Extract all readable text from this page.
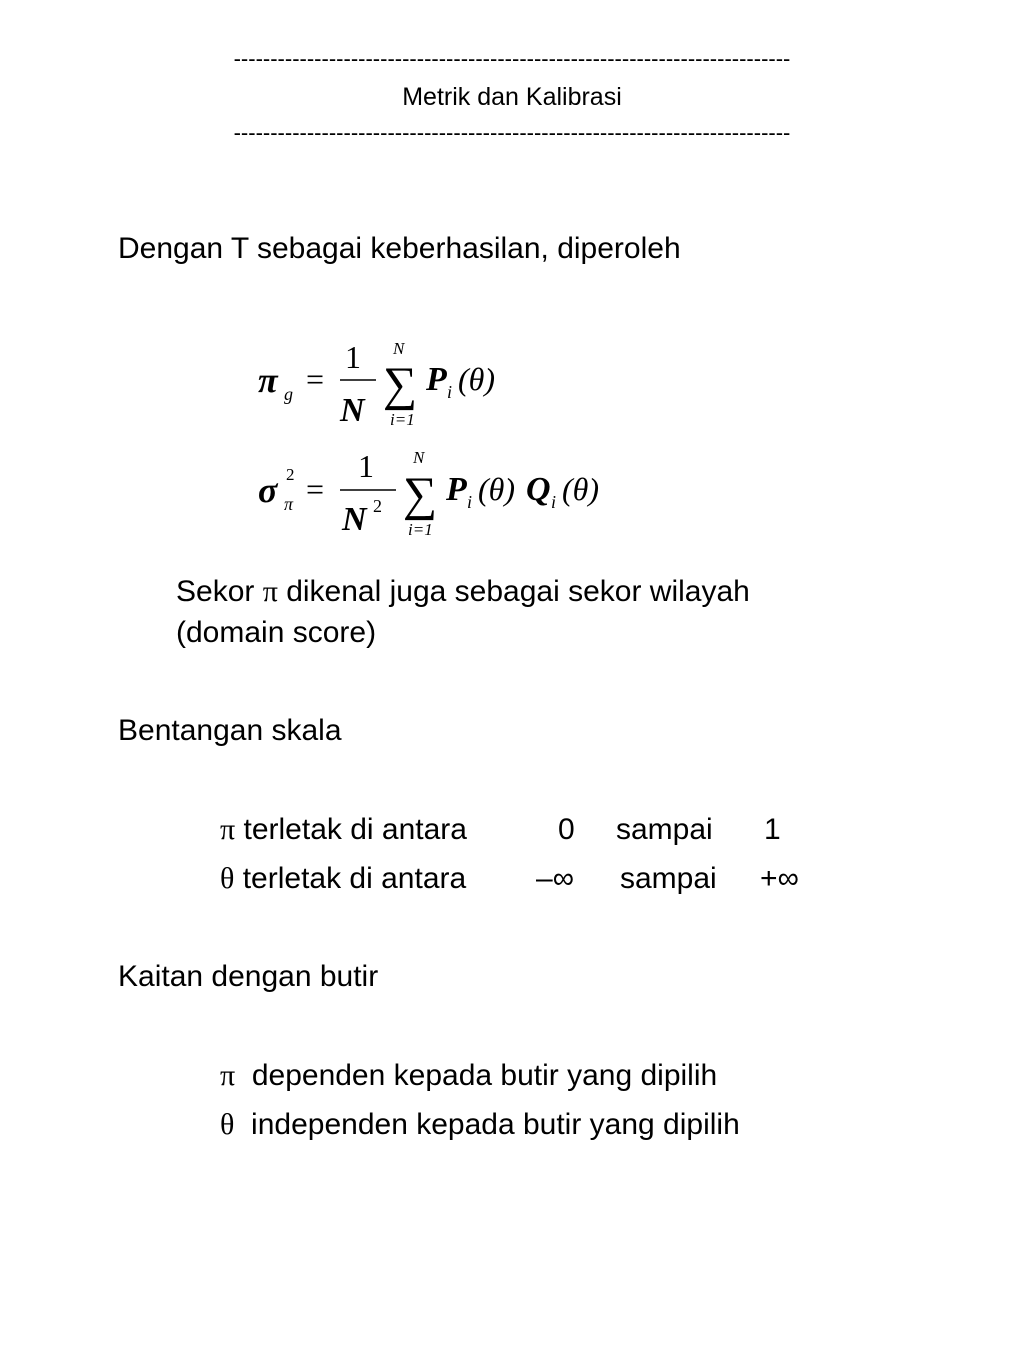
----------------------------------------------------------------------------
Metrik dan Kalibrasi
----------------------------------------------------------------------------
Dengan T sebagai keberhasilan, diperoleh
π g =
1
N
N
∑
i=1
P i (θ)
σ 2
π =
1
N 2
N
∑
i=1
P i (θ) Q i (θ)
Sekor π dikenal juga sebagai sekor wilayah
(domain score)
Bentangan skala
π terletak di antara	0 sampai 1
θ terletak di antara –∞ sampai +∞
Kaitan dengan butir
π dependen kepada butir yang dipilih
θ independen kepada butir yang dipilih
